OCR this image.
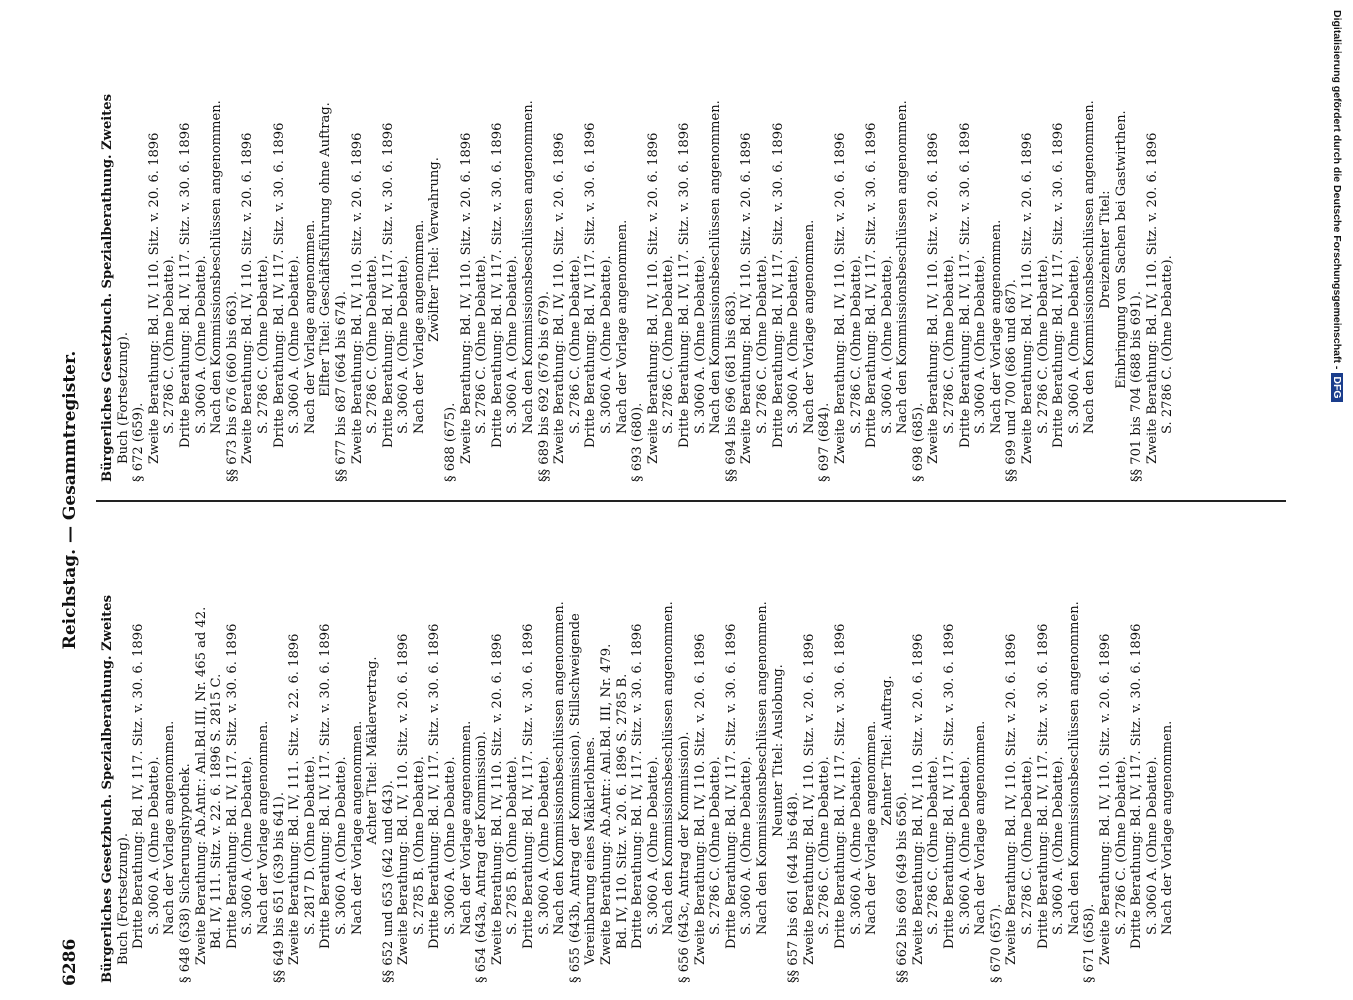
6286
Reichstag. — Gesammtregister.
Bürgerliches Gesetzbuch. Spezialberathung. Zweites Buch (Fortsetzung). Dritte Berathung: Bd. IV, 117. Sitz. v. 30. 6. 1896 S. 3060 A. (Ohne Debatte). Nach der Vorlage angenommen. § 648 (638) Sicherungshypothek. Zweite Berathung: Ab.Antr.: Anl.Bd.III, Nr. 465 ad 42. Bd. IV, 111. Sitz. v. 22. 6. 1896 S. 2815 C. Dritte Berathung: Bd. IV, 117. Sitz. v. 30. 6. 1896 S. 3060 A. (Ohne Debatte). Nach der Vorlage angenommen. §§ 649 bis 651 (639 bis 641). Zweite Berathung: Bd. IV, 111. Sitz. v. 22. 6. 1896 S. 2817 D. (Ohne Debatte). Dritte Berathung: Bd. IV, 117. Sitz. v. 30. 6. 1896 S. 3060 A. (Ohne Debatte). Nach der Vorlage angenommen. Achter Titel: Mäklervertrag.
§§ 652 und 653 (642 und 643). Zweite Berathung: Bd. IV, 110. Sitz. v. 20. 6. 1896 S. 2785 B. (Ohne Debatte). Dritte Berathung: Bd. IV, 117. Sitz. v. 30. 6. 1896 S. 3060 A. (Ohne Debatte). Nach der Vorlage angenommen. § 654 (643a, Antrag der Kommission). Zweite Berathung: Bd. IV, 110. Sitz. v. 20. 6. 1896 S. 2785 B. (Ohne Debatte). Dritte Berathung: Bd. IV, 117. Sitz. v. 30. 6. 1896 S. 3060 A. (Ohne Debatte). Nach den Kommissionsbeschlüssen angenommen. § 655 (643b, Antrag der Kommission). Stillschweigende Vereinbarung eines Mäklerlohnes. Zweite Berathung: Ab.Antr.: Anl.Bd. III, Nr. 479. Bd. IV, 110. Sitz. v. 20. 6. 1896 S. 2785 B. Dritte Berathung: Bd. IV, 117. Sitz. v. 30. 6. 1896 S. 3060 A. (Ohne Debatte). Nach den Kommissionsbeschlüssen angenommen. § 656 (643c, Antrag der Kommission). Zweite Berathung: Bd. IV, 110. Sitz. v. 20. 6. 1896 S. 2786 C. (Ohne Debatte). Dritte Berathung: Bd. IV, 117. Sitz. v. 30. 6. 1896 S. 3060 A. (Ohne Debatte). Nach den Kommissionsbeschlüssen angenommen. Neunter Titel: Auslobung.
§§ 657 bis 661 (644 bis 648). Zweite Berathung: Bd. IV, 110. Sitz. v. 20. 6. 1896 S. 2786 C. (Ohne Debatte). Dritte Berathung: Bd. IV, 117. Sitz. v. 30. 6. 1896 S. 3060 A. (Ohne Debatte). Nach der Vorlage angenommen. Zehnter Titel: Auftrag.
§§ 662 bis 669 (649 bis 656). Zweite Berathung: Bd. IV, 110. Sitz. v. 20. 6. 1896 S. 2786 C. (Ohne Debatte). Dritte Berathung: Bd. IV, 117. Sitz. v. 30. 6. 1896 S. 3060 A. (Ohne Debatte). Nach der Vorlage angenommen.
§ 670 (657). Zweite Berathung: Bd. IV, 110. Sitz. v. 20. 6. 1896 S. 2786 C. (Ohne Debatte). Dritte Berathung: Bd. IV, 117. Sitz. v. 30. 6. 1896 S. 3060 A. (Ohne Debatte). Nach den Kommissionsbeschlüssen angenommen.
§ 671 (658). Zweite Berathung: Bd. IV, 110. Sitz. v. 20. 6. 1896 S. 2786 C. (Ohne Debatte). Dritte Berathung: Bd. IV, 117. Sitz. v. 30. 6. 1896 S. 3060 A. (Ohne Debatte). Nach der Vorlage angenommen.
Bürgerliches Gesetzbuch. Spezialberathung. Zweites Buch (Fortsetzung). § 672 (659). Zweite Berathung: Bd. IV, 110. Sitz. v. 20. 6. 1896 S. 2786 C. (Ohne Debatte). Dritte Berathung: Bd. IV, 117. Sitz. v. 30. 6. 1896 S. 3060 A. (Ohne Debatte). Nach den Kommissionsbeschlüssen angenommen. §§ 673 bis 676 (660 bis 663). Zweite Berathung: Bd. IV, 110. Sitz. v. 20. 6. 1896 S. 2786 C. (Ohne Debatte). Dritte Berathung: Bd. IV, 117. Sitz. v. 30. 6. 1896 S. 3060 A. (Ohne Debatte). Nach der Vorlage angenommen. Elfter Titel: Geschäftsführung ohne Auftrag. §§ 677 bis 687 (664 bis 674). Zweite Berathung: Bd. IV, 110. Sitz. v. 20. 6. 1896 S. 2786 C. (Ohne Debatte). Dritte Berathung: Bd. IV, 117. Sitz. v. 30. 6. 1896 S. 3060 A. (Ohne Debatte). Nach der Vorlage angenommen. Zwölfter Titel: Verwahrung.
§ 688 (675). Zweite Berathung: Bd. IV, 110. Sitz. v. 20. 6. 1896 S. 2786 C. (Ohne Debatte). Dritte Berathung: Bd. IV, 117. Sitz. v. 30. 6. 1896 S. 3060 A. (Ohne Debatte). Nach den Kommissionsbeschlüssen angenommen. §§ 689 bis 692 (676 bis 679). Zweite Berathung: Bd. IV, 110. Sitz. v. 20. 6. 1896 S. 2786 C. (Ohne Debatte). Dritte Berathung: Bd. IV, 117. Sitz. v. 30. 6. 1896 S. 3060 A. (Ohne Debatte). Nach der Vorlage angenommen.
§ 693 (680). Zweite Berathung: Bd. IV, 110. Sitz. v. 20. 6. 1896 S. 2786 C. (Ohne Debatte). Dritte Berathung: Bd. IV, 117. Sitz. v. 30. 6. 1896 S. 3060 A. (Ohne Debatte). Nach den Kommissionsbeschlüssen angenommen. §§ 694 bis 696 (681 bis 683). Zweite Berathung: Bd. IV, 110. Sitz. v. 20. 6. 1896 S. 2786 C. (Ohne Debatte). Dritte Berathung: Bd. IV, 117. Sitz. v. 30. 6. 1896 S. 3060 A. (Ohne Debatte). Nach der Vorlage angenommen.
§ 697 (684). Zweite Berathung: Bd. IV, 110. Sitz. v. 20. 6. 1896 S. 2786 C. (Ohne Debatte). Dritte Berathung: Bd. IV, 117. Sitz. v. 30. 6. 1896 S. 3060 A. (Ohne Debatte). Nach den Kommissionsbeschlüssen angenommen.
§ 698 (685). Zweite Berathung: Bd. IV, 110. Sitz. v. 20. 6. 1896 S. 2786 C. (Ohne Debatte). Dritte Berathung: Bd. IV, 117. Sitz. v. 30. 6. 1896 S. 3060 A. (Ohne Debatte). Nach der Vorlage angenommen. §§ 699 und 700 (686 und 687). Zweite Berathung: Bd. IV, 110. Sitz. v. 20. 6. 1896 S. 2786 C. (Ohne Debatte). Dritte Berathung: Bd. IV, 117. Sitz. v. 30. 6. 1896 S. 3060 A. (Ohne Debatte). Nach den Kommissionsbeschlüssen angenommen. Dreizehnter Titel: Einbringung von Sachen bei Gastwirthen. §§ 701 bis 704 (688 bis 691). Zweite Berathung: Bd. IV, 110. Sitz. v. 20. 6. 1896 S. 2786 C. (Ohne Debatte).	Digitalisierung gefördert durch die Deutsche Forschungsgemeinschaft -DFG
